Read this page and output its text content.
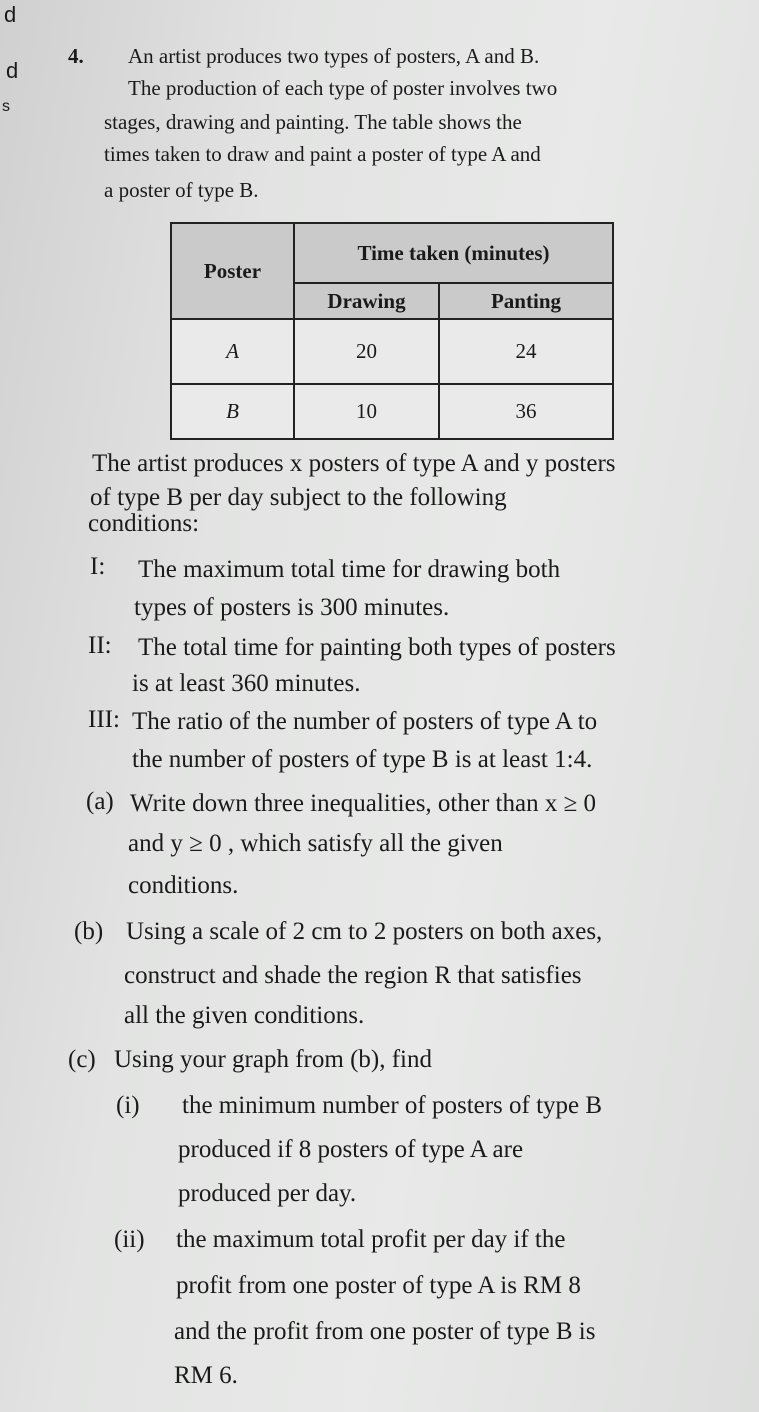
d
d
s
4. An artist produces two types of posters, A and B.
The production of each type of poster involves two
stages, drawing and painting. The table shows the
times taken to draw and paint a poster of type A and
a poster of type B.
Poster	Time taken (minutes)	
	Drawing	Panting
A	20	24
B	10	36
The artist produces x posters of type A and y posters
of type B per day subject to the following
conditions:
I: The maximum total time for drawing both
types of posters is 300 minutes.
II: The total time for painting both types of posters
is at least 360 minutes.
III: The ratio of the number of posters of type A to
the number of posters of type B is at least 1:4.
(a) Write down three inequalities, other than x ≥ 0
and y ≥ 0 , which satisfy all the given
conditions.
(b) Using a scale of 2 cm to 2 posters on both axes,
construct and shade the region R that satisfies
all the given conditions.
(c) Using your graph from (b), find
(i) the minimum number of posters of type B
produced if 8 posters of type A are
produced per day.
(ii) the maximum total profit per day if the
profit from one poster of type A is RM 8
and the profit from one poster of type B is
RM 6.
